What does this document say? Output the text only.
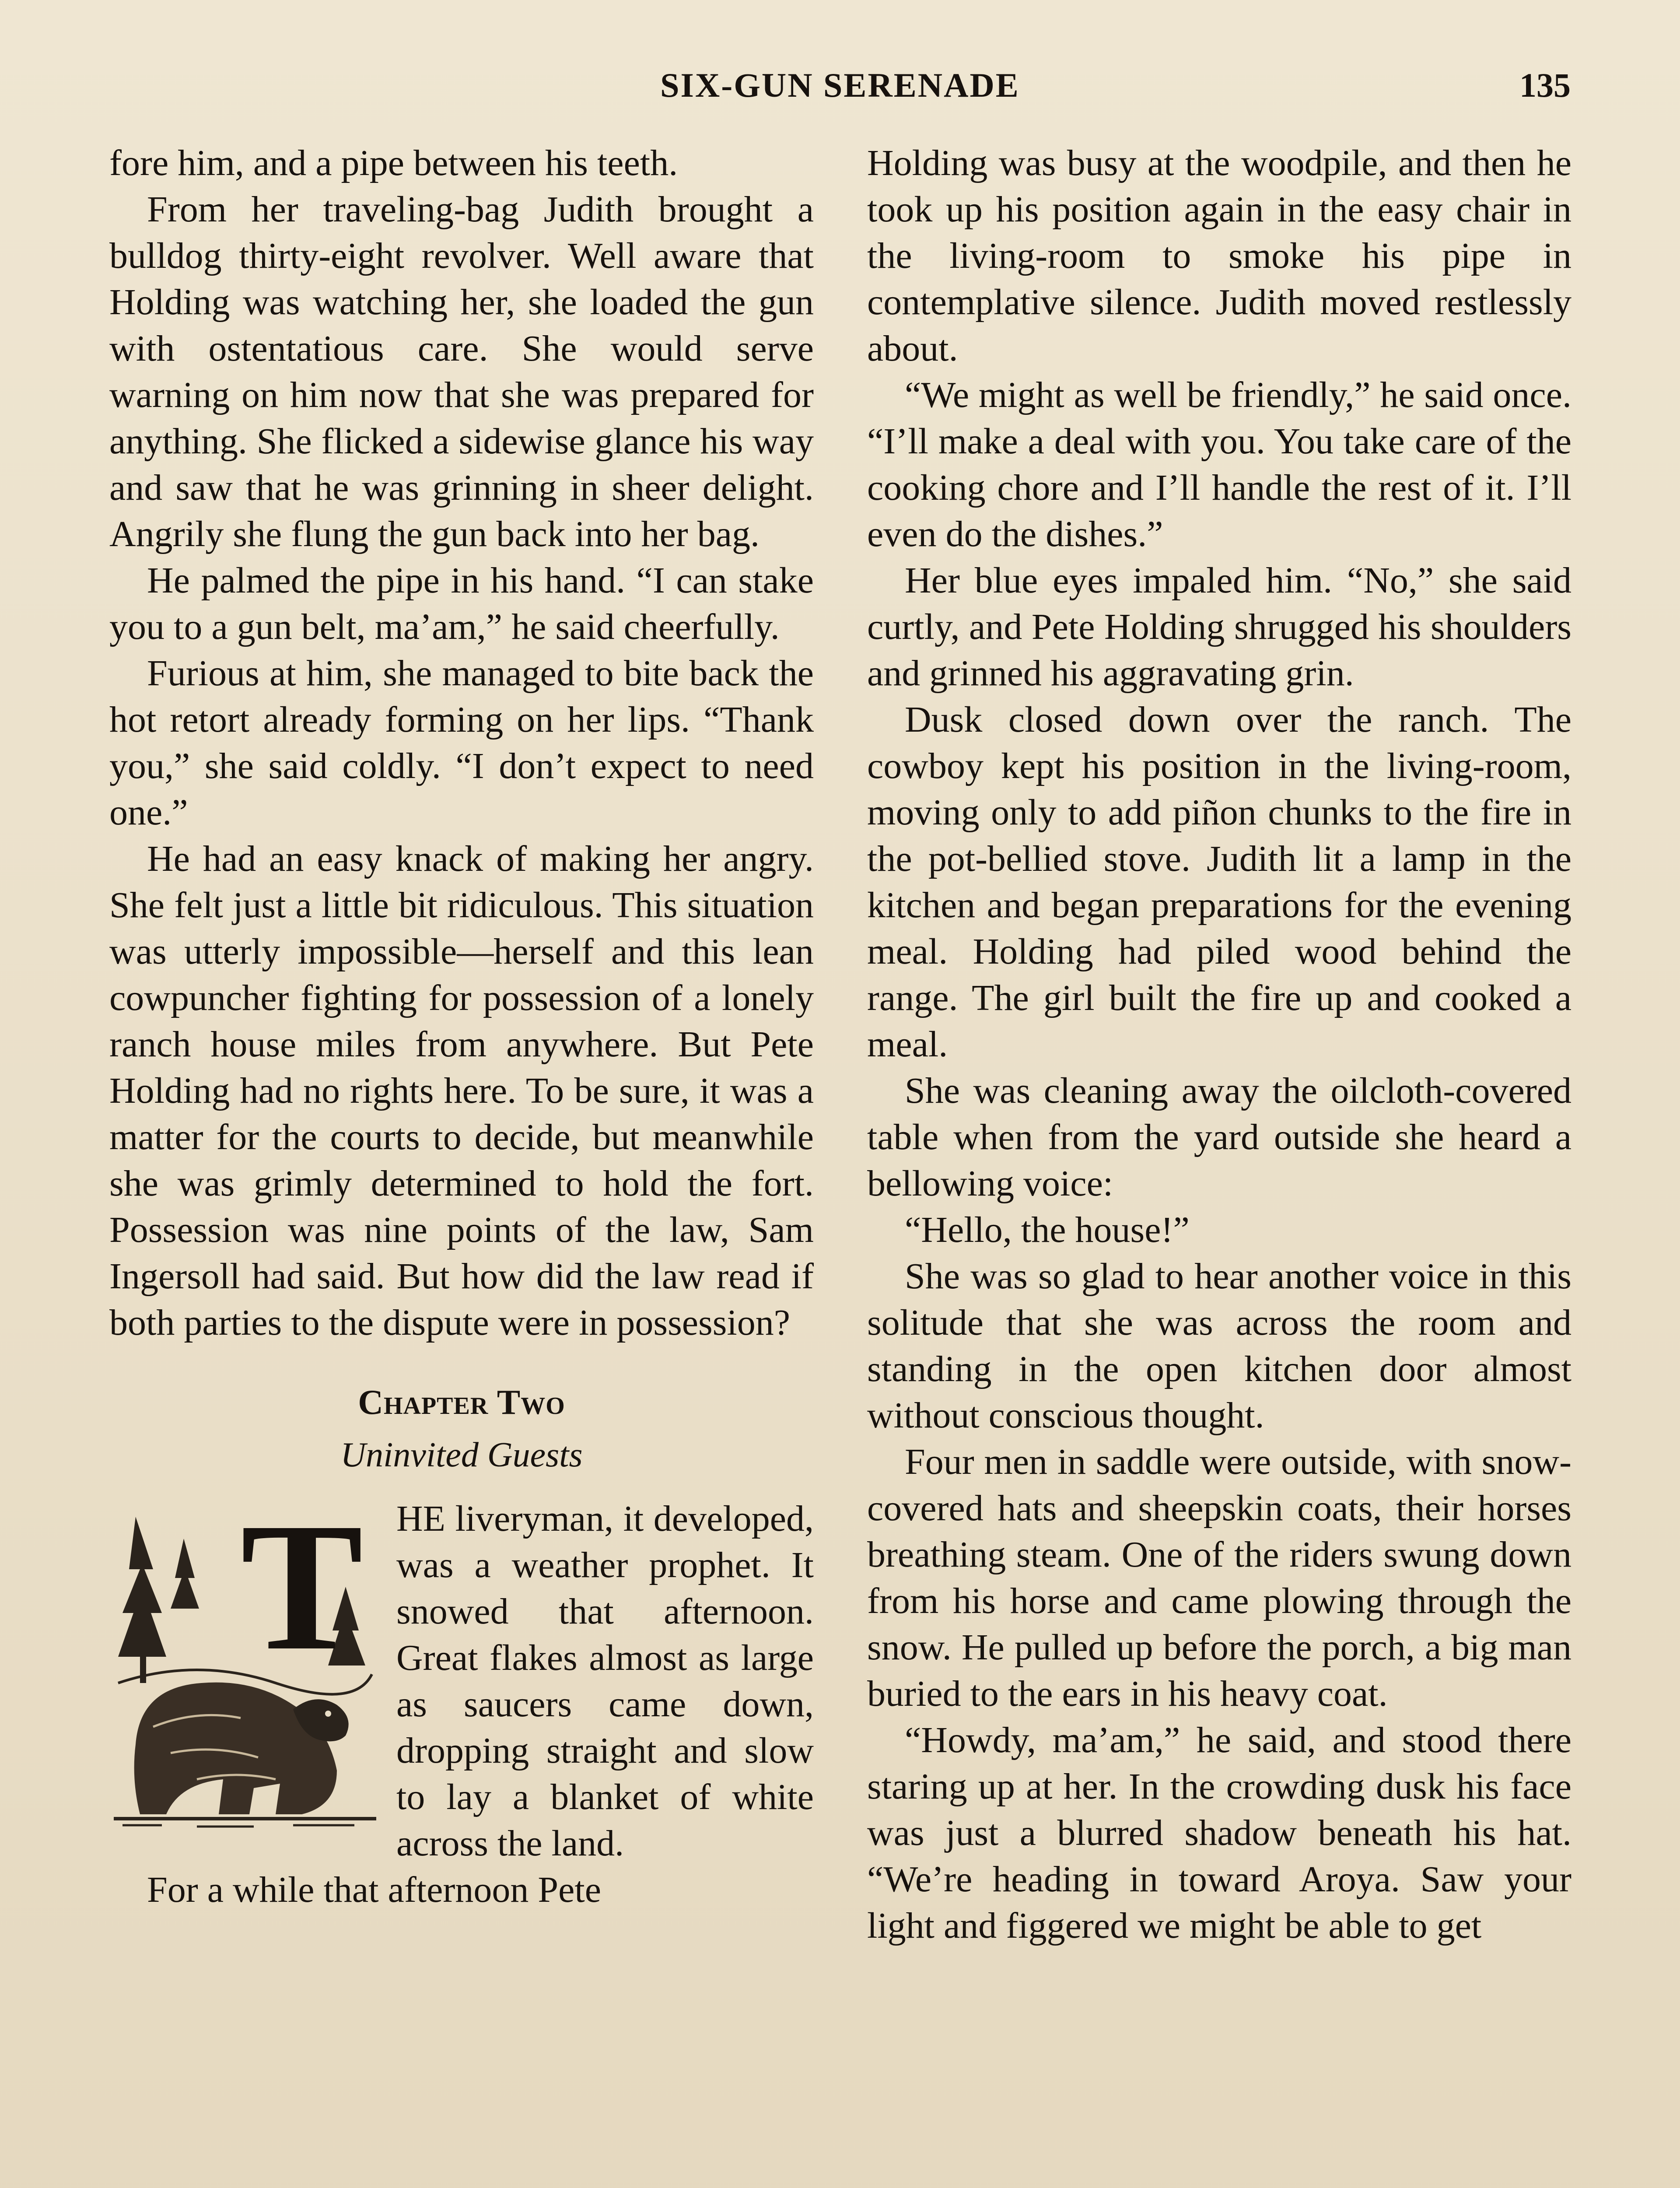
SIX-GUN SERENADE	135

fore him, and a pipe between his teeth.

From her traveling-bag Judith brought a bulldog thirty-eight revolver. Well aware that Holding was watching her, she loaded the gun with ostentatious care. She would serve warning on him now that she was prepared for anything. She flicked a sidewise glance his way and saw that he was grinning in sheer delight. Angrily she flung the gun back into her bag.

He palmed the pipe in his hand. “I can stake you to a gun belt, ma’am,” he said cheerfully.

Furious at him, she managed to bite back the hot retort already forming on her lips. “Thank you,” she said coldly. “I don’t expect to need one.”

He had an easy knack of making her angry. She felt just a little bit ridiculous. This situation was utterly impossible—herself and this lean cowpuncher fighting for possession of a lonely ranch house miles from anywhere. But Pete Holding had no rights here. To be sure, it was a matter for the courts to decide, but meanwhile she was grimly determined to hold the fort. Possession was nine points of the law, Sam Ingersoll had said. But how did the law read if both parties to the dispute were in possession?

Chapter Two
Uninvited Guests
T HE liveryman, it developed, was a weather prophet. It snowed that afternoon. Great flakes almost as large as saucers came down, dropping straight and slow to lay a blanket of white across the land.

For a while that afternoon Pete

Holding was busy at the woodpile, and then he took up his position again in the easy chair in the living-room to smoke his pipe in contemplative silence. Judith moved restlessly about.

“We might as well be friendly,” he said once. “I’ll make a deal with you. You take care of the cooking chore and I’ll handle the rest of it. I’ll even do the dishes.”

Her blue eyes impaled him. “No,” she said curtly, and Pete Holding shrugged his shoulders and grinned his aggravating grin.

Dusk closed down over the ranch. The cowboy kept his position in the living-room, moving only to add piñon chunks to the fire in the pot-bellied stove. Judith lit a lamp in the kitchen and began preparations for the evening meal. Holding had piled wood behind the range. The girl built the fire up and cooked a meal.

She was cleaning away the oilcloth-covered table when from the yard outside she heard a bellowing voice:

“Hello, the house!”

She was so glad to hear another voice in this solitude that she was across the room and standing in the open kitchen door almost without conscious thought.

Four men in saddle were outside, with snow-covered hats and sheepskin coats, their horses breathing steam. One of the riders swung down from his horse and came plowing through the snow. He pulled up before the porch, a big man buried to the ears in his heavy coat.

“Howdy, ma’am,” he said, and stood there staring up at her. In the crowding dusk his face was just a blurred shadow beneath his hat. “We’re heading in toward Aroya. Saw your light and figgered we might be able to get
